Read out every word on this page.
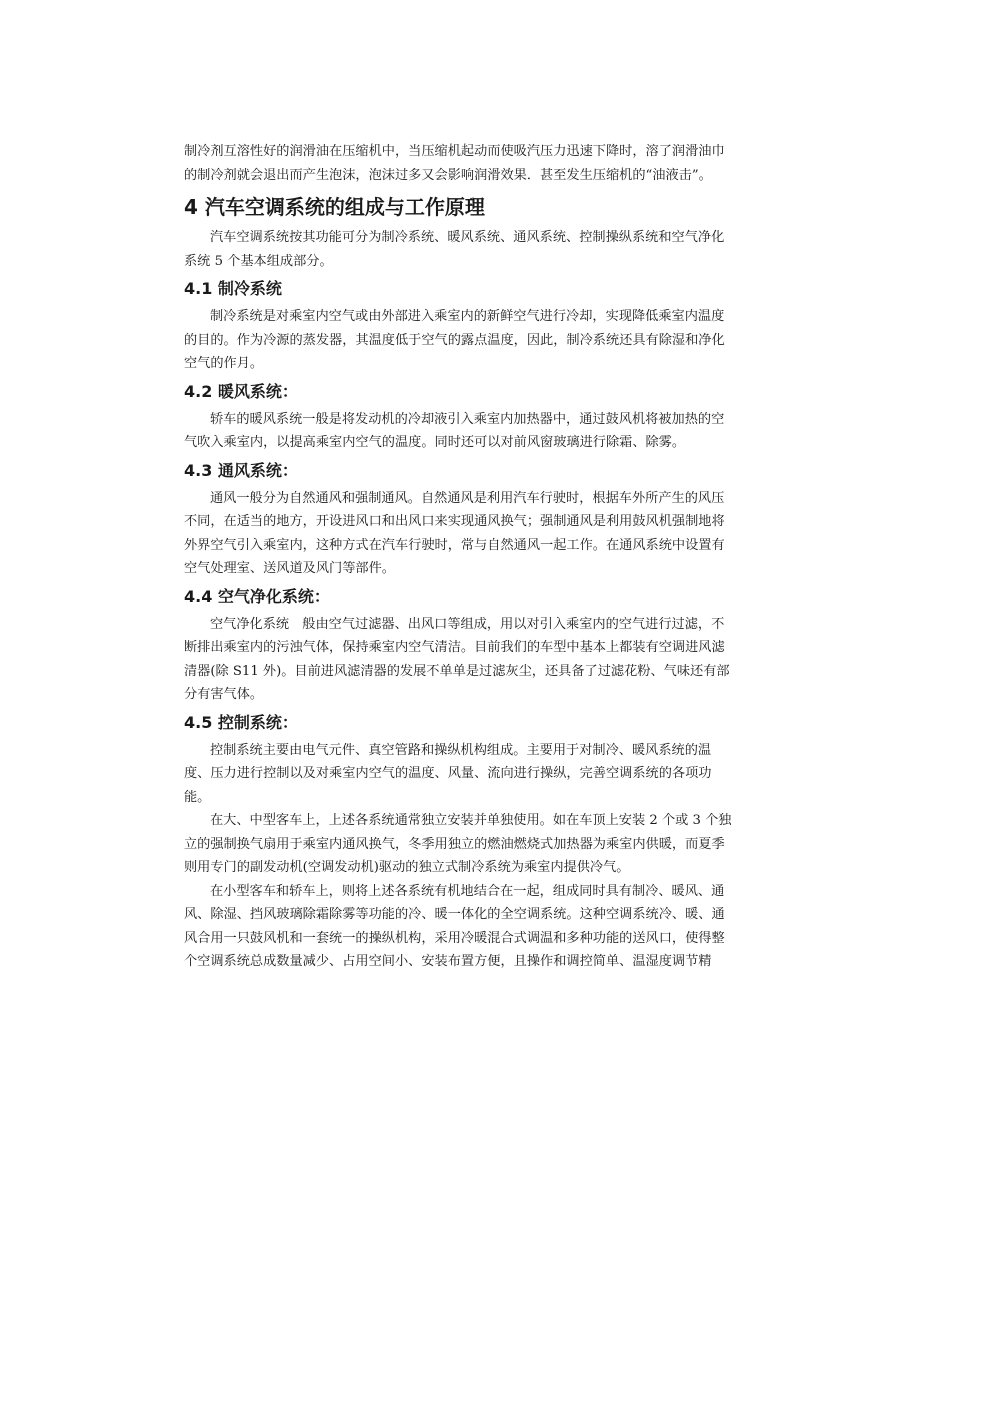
制冷剂互溶性好的润滑油在压缩机中，当压缩机起动而使吸汽压力迅速下降时，溶了润滑油巾
的制冷剂就会退出而产生泡沫，泡沫过多又会影响润滑效果．甚至发生压缩机的“油液击”。

4 汽车空调系统的组成与工作原理

汽车空调系统按其功能可分为制冷系统、暖风系统、通风系统、控制操纵系统和空气净化
系统 5 个基本组成部分。

4.1 制冷系统

制冷系统是对乘室内空气或由外部进入乘室内的新鲜空气进行冷却，实现降低乘室内温度
的目的。作为冷源的蒸发器，其温度低于空气的露点温度，因此，制冷系统还具有除湿和净化
空气的作月。

4.2 暖风系统：

轿车的暖风系统一般是将发动机的冷却液引入乘室内加热器中，通过鼓风机将被加热的空
气吹入乘室内，以提高乘室内空气的温度。同时还可以对前风窗玻璃进行除霜、除雾。

4.3 通风系统：

通风一般分为自然通风和强制通风。自然通风是利用汽车行驶时，根据车外所产生的风压
不同，在适当的地方，开设进风口和出风口来实现通风换气；强制通风是利用鼓风机强制地将
外界空气引入乘室内，这种方式在汽车行驶时，常与自然通风一起工作。在通风系统中设置有
空气处理室、送风道及风门等部件。

4.4 空气净化系统：

空气净化系统　般由空气过滤器、出风口等组成，用以对引入乘室内的空气进行过滤，不
断排出乘室内的污浊气体，保持乘室内空气清洁。目前我们的车型中基本上都装有空调进风滤
清器(除 S11 外)。目前进风滤清器的发展不单单是过滤灰尘，还具备了过滤花粉、气味还有部
分有害气体。

4.5 控制系统：

控制系统主要由电气元件、真空管路和操纵机构组成。主要用于对制冷、暖风系统的温
度、压力进行控制以及对乘室内空气的温度、风量、流向进行操纵，完善空调系统的各项功
能。

在大、中型客车上，上述各系统通常独立安装并单独使用。如在车顶上安装 2 个或 3 个独
立的强制换气扇用于乘室内通风换气，冬季用独立的燃油燃烧式加热器为乘室内供暖，而夏季
则用专门的副发动机(空调发动机)驱动的独立式制冷系统为乘室内提供冷气。

在小型客车和轿车上，则将上述各系统有机地结合在一起，组成同时具有制冷、暖风、通
风、除湿、挡风玻璃除霜除雾等功能的冷、暖一体化的全空调系统。这种空调系统冷、暖、通
风合用一只鼓风机和一套统一的操纵机构，采用冷暖混合式调温和多种功能的送风口，使得整
个空调系统总成数量减少、占用空间小、安装布置方便，且操作和调控简单、温湿度调节精
